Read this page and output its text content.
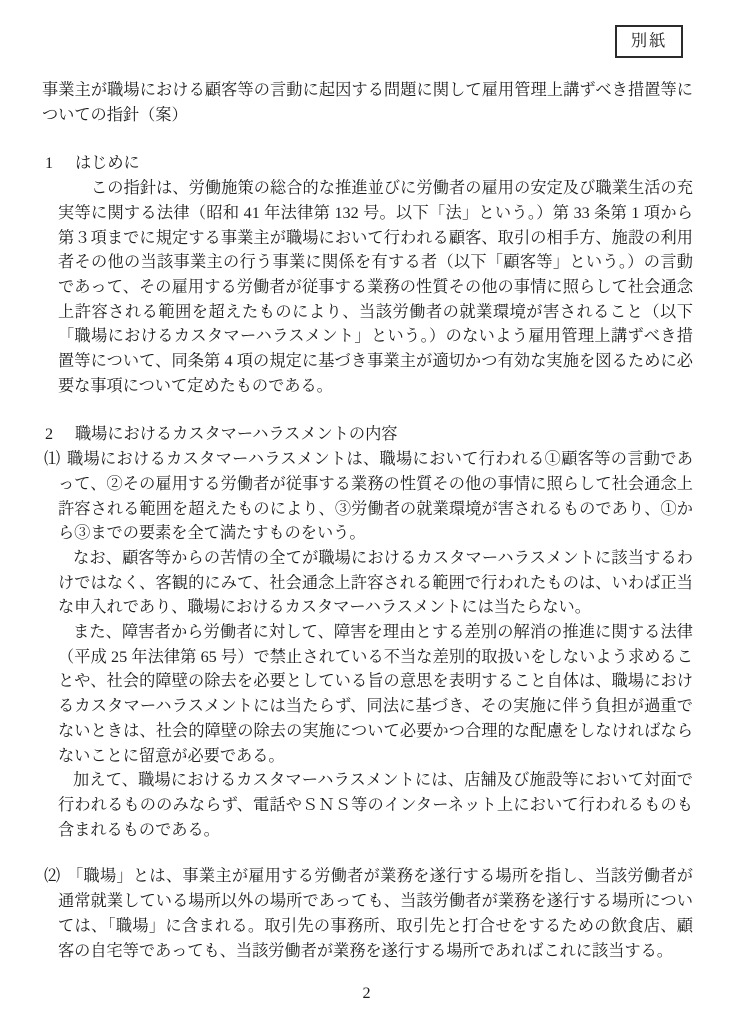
別紙

事業主が職場における顧客等の言動に起因する問題に関して雇用管理上講ずべき措置等についての指針（案）

1 はじめに

この指針は、労働施策の総合的な推進並びに労働者の雇用の安定及び職業生活の充実等に関する法律（昭和 41 年法律第 132 号。以下「法」という。）第 33 条第 1 項から第３項までに規定する事業主が職場において行われる顧客、取引の相手方、施設の利用者その他の当該事業主の行う事業に関係を有する者（以下「顧客等」という。）の言動であって、その雇用する労働者が従事する業務の性質その他の事情に照らして社会通念上許容される範囲を超えたものにより、当該労働者の就業環境が害されること（以下「職場におけるカスタマーハラスメント」という。）のないよう雇用管理上講ずべき措置等について、同条第 4 項の規定に基づき事業主が適切かつ有効な実施を図るために必要な事項について定めたものである。

2 職場におけるカスタマーハラスメントの内容
⑴ 職場におけるカスタマーハラスメントは、職場において行われる①顧客等の言動であって、②その雇用する労働者が従事する業務の性質その他の事情に照らして社会通念上許容される範囲を超えたものにより、③労働者の就業環境が害されるものであり、①から③までの要素を全て満たすものをいう。

なお、顧客等からの苦情の全てが職場におけるカスタマーハラスメントに該当するわけではなく、客観的にみて、社会通念上許容される範囲で行われたものは、いわば正当な申入れであり、職場におけるカスタマーハラスメントには当たらない。

また、障害者から労働者に対して、障害を理由とする差別の解消の推進に関する法律（平成 25 年法律第 65 号）で禁止されている不当な差別的取扱いをしないよう求めることや、社会的障壁の除去を必要としている旨の意思を表明すること自体は、職場におけるカスタマーハラスメントには当たらず、同法に基づき、その実施に伴う負担が過重でないときは、社会的障壁の除去の実施について必要かつ合理的な配慮をしなければならないことに留意が必要である。

加えて、職場におけるカスタマーハラスメントには、店舗及び施設等において対面で行われるもののみならず、電話やＳＮＳ等のインターネット上において行われるものも含まれるものである。

⑵ 「職場」とは、事業主が雇用する労働者が業務を遂行する場所を指し、当該労働者が通常就業している場所以外の場所であっても、当該労働者が業務を遂行する場所については、「職場」に含まれる。取引先の事務所、取引先と打合せをするための飲食店、顧客の自宅等であっても、当該労働者が業務を遂行する場所であればこれに該当する。

2
